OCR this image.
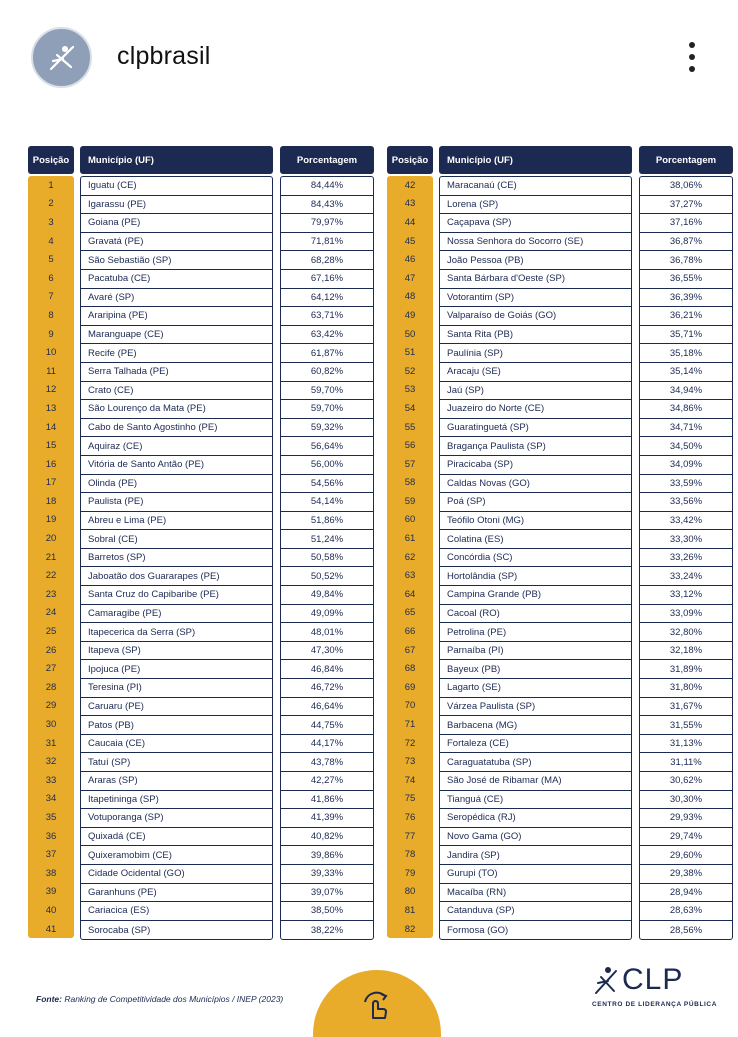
clpbrasil
Posição
1
2
3
4
5
6
7
8
9
10
11
12
13
14
15
16
17
18
19
20
21
22
23
24
25
26
27
28
29
30
31
32
33
34
35
36
37
38
39
40
41
Município (UF)
Iguatu (CE)
Igarassu (PE)
Goiana (PE)
Gravatá (PE)
São Sebastião (SP)
Pacatuba (CE)
Avaré (SP)
Araripina (PE)
Maranguape (CE)
Recife (PE)
Serra Talhada (PE)
Crato (CE)
São Lourenço da Mata (PE)
Cabo de Santo Agostinho (PE)
Aquiraz (CE)
Vitória de Santo Antão (PE)
Olinda (PE)
Paulista (PE)
Abreu e Lima (PE)
Sobral (CE)
Barretos (SP)
Jaboatão dos Guararapes (PE)
Santa Cruz do Capibaribe (PE)
Camaragibe (PE)
Itapecerica da Serra (SP)
Itapeva (SP)
Ipojuca (PE)
Teresina (PI)
Caruaru (PE)
Patos (PB)
Caucaia (CE)
Tatuí (SP)
Araras (SP)
Itapetininga (SP)
Votuporanga (SP)
Quixadá (CE)
Quixeramobim (CE)
Cidade Ocidental (GO)
Garanhuns (PE)
Cariacica (ES)
Sorocaba (SP)
Porcentagem
84,44%
84,43%
79,97%
71,81%
68,28%
67,16%
64,12%
63,71%
63,42%
61,87%
60,82%
59,70%
59,70%
59,32%
56,64%
56,00%
54,56%
54,14%
51,86%
51,24%
50,58%
50,52%
49,84%
49,09%
48,01%
47,30%
46,84%
46,72%
46,64%
44,75%
44,17%
43,78%
42,27%
41,86%
41,39%
40,82%
39,86%
39,33%
39,07%
38,50%
38,22%
Posição
42
43
44
45
46
47
48
49
50
51
52
53
54
55
56
57
58
59
60
61
62
63
64
65
66
67
68
69
70
71
72
73
74
75
76
77
78
79
80
81
82
Município (UF)
Maracanaú (CE)
Lorena (SP)
Caçapava (SP)
Nossa Senhora do Socorro (SE)
João Pessoa (PB)
Santa Bárbara d'Oeste (SP)
Votorantim (SP)
Valparaíso de Goiás (GO)
Santa Rita (PB)
Paulínia (SP)
Aracaju (SE)
Jaú (SP)
Juazeiro do Norte (CE)
Guaratinguetá (SP)
Bragança Paulista (SP)
Piracicaba (SP)
Caldas Novas (GO)
Poá (SP)
Teófilo Otoni (MG)
Colatina (ES)
Concórdia (SC)
Hortolândia (SP)
Campina Grande (PB)
Cacoal (RO)
Petrolina (PE)
Parnaíba (PI)
Bayeux (PB)
Lagarto (SE)
Várzea Paulista (SP)
Barbacena (MG)
Fortaleza (CE)
Caraguatatuba (SP)
São José de Ribamar (MA)
Tianguá (CE)
Seropédica (RJ)
Novo Gama (GO)
Jandira (SP)
Gurupi (TO)
Macaíba (RN)
Catanduva (SP)
Formosa (GO)
Porcentagem
38,06%
37,27%
37,16%
36,87%
36,78%
36,55%
36,39%
36,21%
35,71%
35,18%
35,14%
34,94%
34,86%
34,71%
34,50%
34,09%
33,59%
33,56%
33,42%
33,30%
33,26%
33,24%
33,12%
33,09%
32,80%
32,18%
31,89%
31,80%
31,67%
31,55%
31,13%
31,11%
30,62%
30,30%
29,93%
29,74%
29,60%
29,38%
28,94%
28,63%
28,56%
Fonte: Ranking de Competitividade dos Municípios / INEP (2023)
CLP
CENTRO DE LIDERANÇA PÚBLICA
